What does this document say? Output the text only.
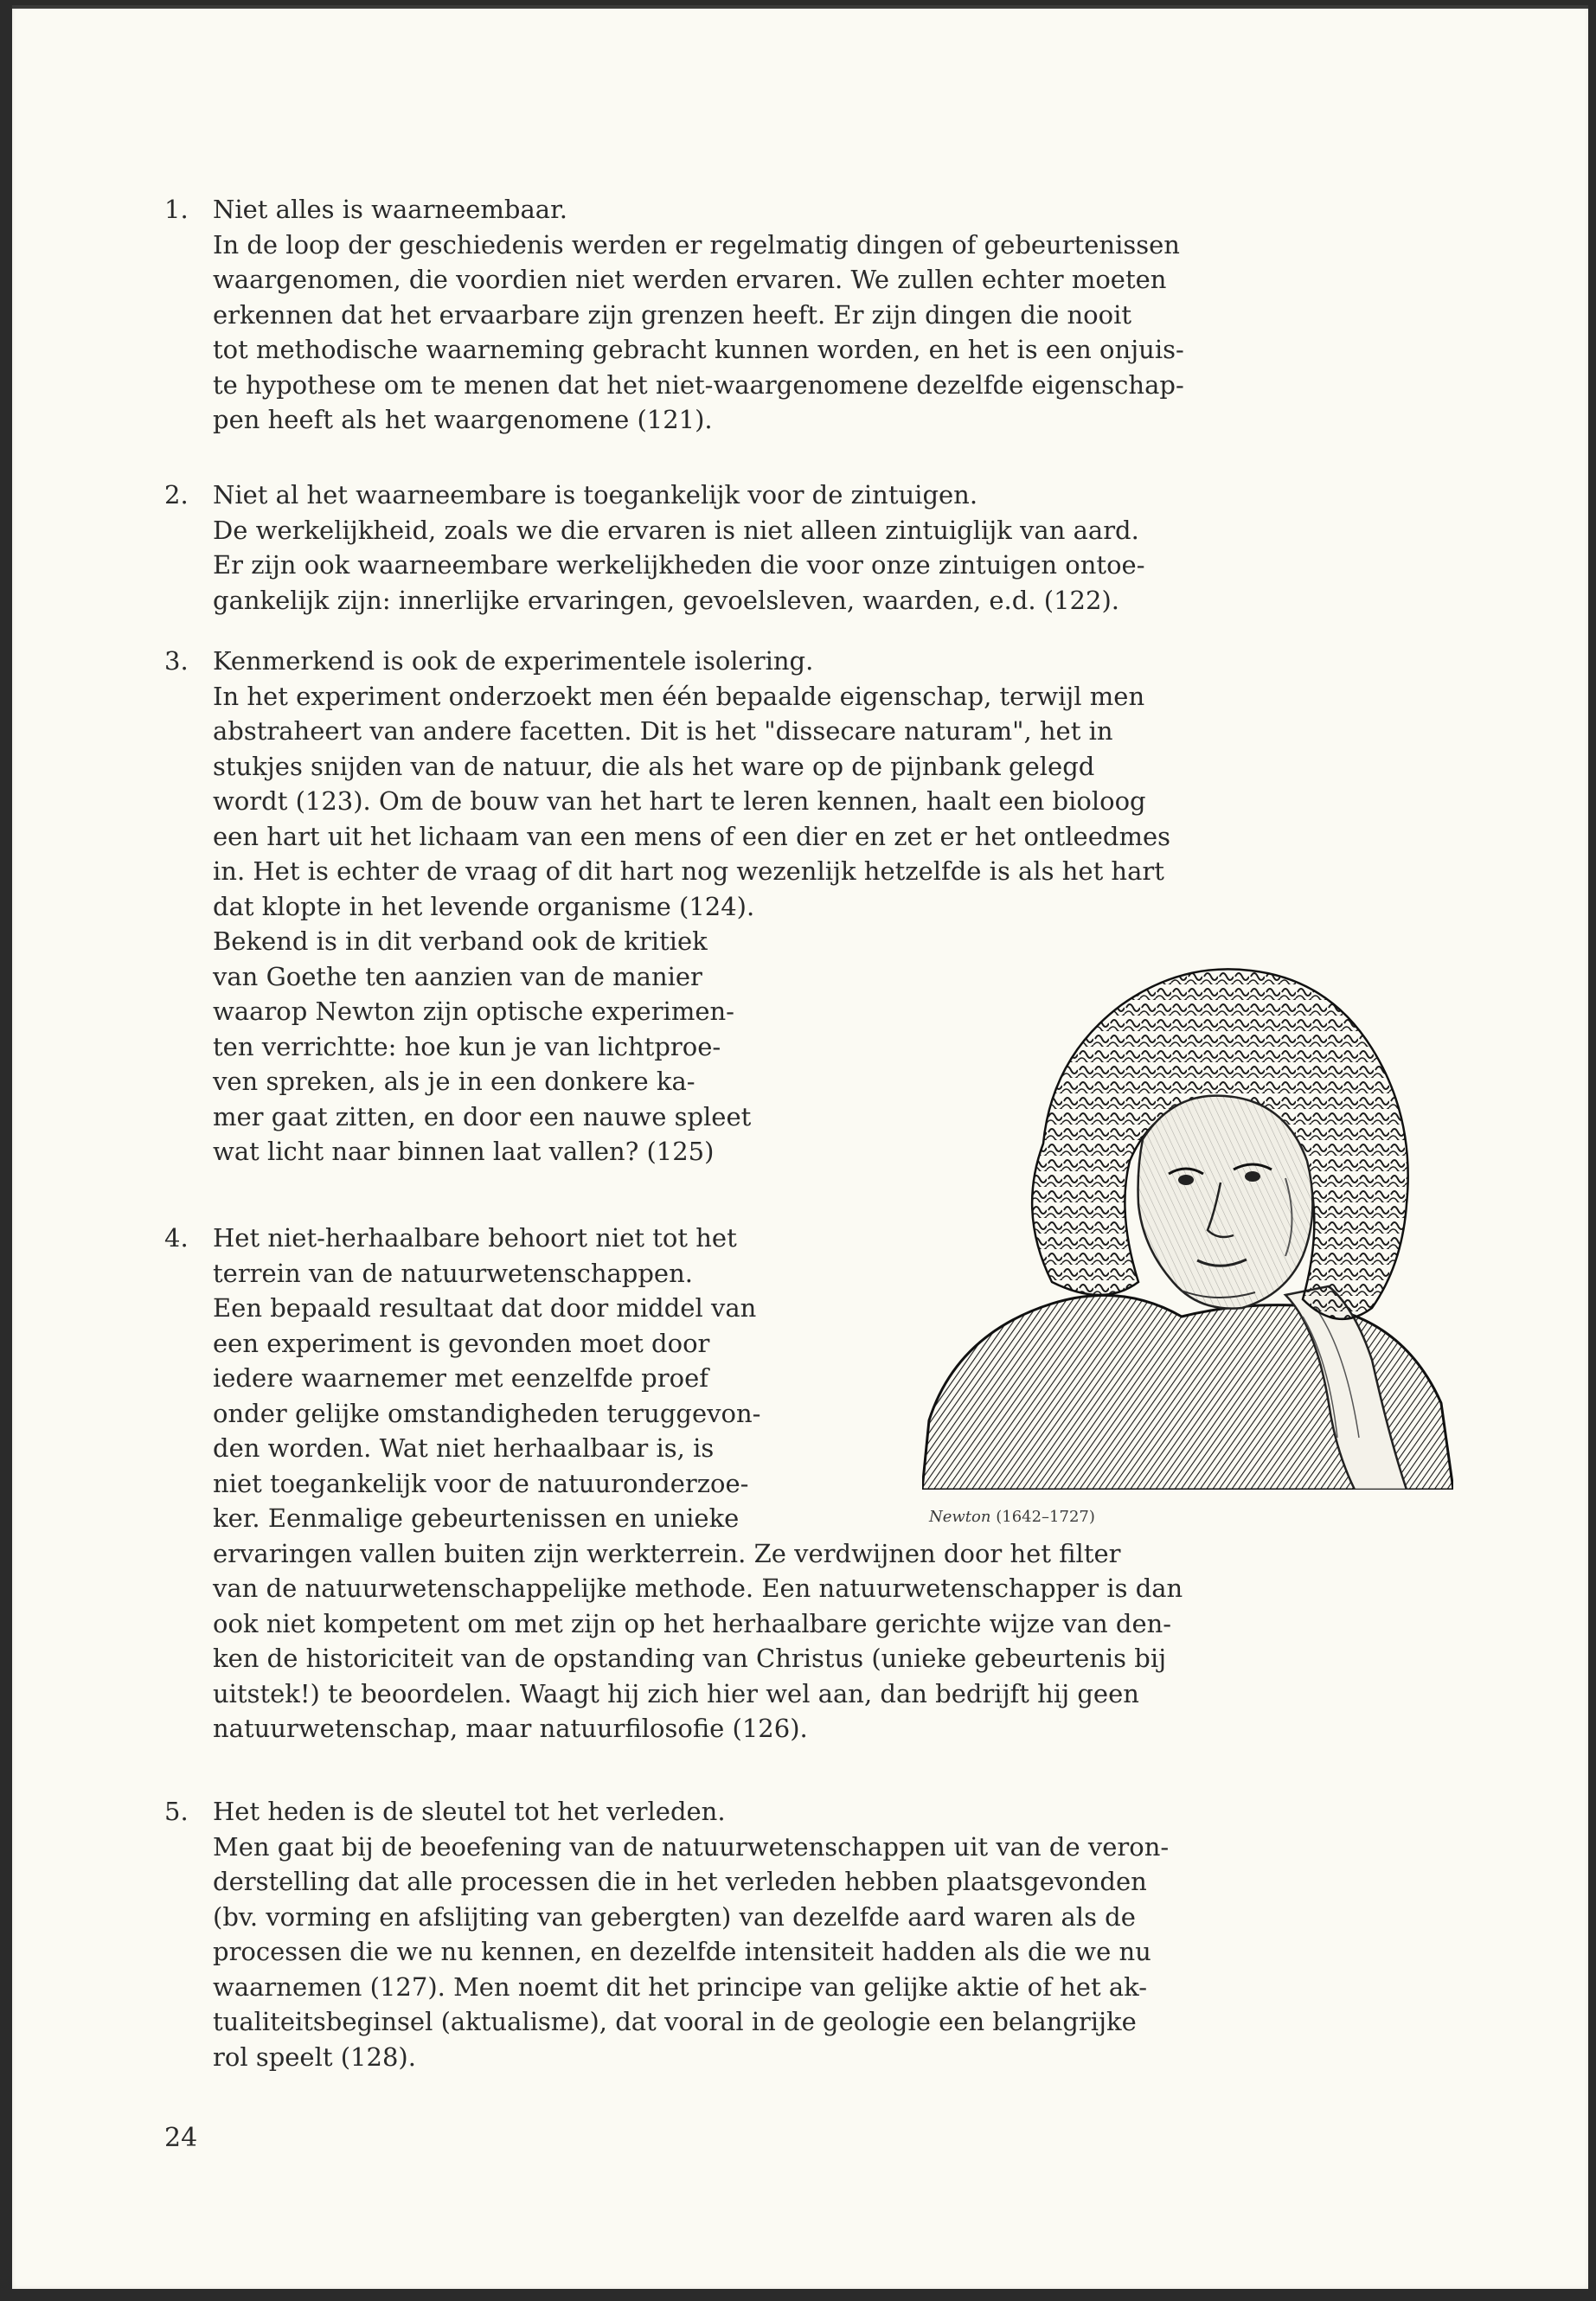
Newton (1642–1727)
24
1. Niet alles is waarneembaar.
In de loop der geschiedenis werden er regelmatig dingen of gebeurtenissen
waargenomen, die voordien niet werden ervaren. We zullen echter moeten
erkennen dat het ervaarbare zijn grenzen heeft. Er zijn dingen die nooit
tot methodische waarneming gebracht kunnen worden, en het is een onjuis-
te hypothese om te menen dat het niet-waargenomene dezelfde eigenschap-
pen heeft als het waargenomene (121).
2. Niet al het waarneembare is toegankelijk voor de zintuigen.
De werkelijkheid, zoals we die ervaren is niet alleen zintuiglijk van aard.
Er zijn ook waarneembare werkelijkheden die voor onze zintuigen ontoe-
gankelijk zijn: innerlijke ervaringen, gevoelsleven, waarden, e.d. (122).
3. Kenmerkend is ook de experimentele isolering.
In het experiment onderzoekt men één bepaalde eigenschap, terwijl men
abstraheert van andere facetten. Dit is het "dissecare naturam", het in
stukjes snijden van de natuur, die als het ware op de pijnbank gelegd
wordt (123). Om de bouw van het hart te leren kennen, haalt een bioloog
een hart uit het lichaam van een mens of een dier en zet er het ontleedmes
in. Het is echter de vraag of dit hart nog wezenlijk hetzelfde is als het hart
dat klopte in het levende organisme (124).
Bekend is in dit verband ook de kritiek
van Goethe ten aanzien van de manier
waarop Newton zijn optische experimen-
ten verrichtte: hoe kun je van lichtproe-
ven spreken, als je in een donkere ka-
mer gaat zitten, en door een nauwe spleet
wat licht naar binnen laat vallen? (125)
4. Het niet-herhaalbare behoort niet tot het
terrein van de natuurwetenschappen.
Een bepaald resultaat dat door middel van
een experiment is gevonden moet door
iedere waarnemer met eenzelfde proef
onder gelijke omstandigheden teruggevon-
den worden. Wat niet herhaalbaar is, is
niet toegankelijk voor de natuuronderzoe-
ker. Eenmalige gebeurtenissen en unieke
ervaringen vallen buiten zijn werkterrein. Ze verdwijnen door het filter
van de natuurwetenschappelijke methode. Een natuurwetenschapper is dan
ook niet kompetent om met zijn op het herhaalbare gerichte wijze van den-
ken de historiciteit van de opstanding van Christus (unieke gebeurtenis bij
uitstek!) te beoordelen. Waagt hij zich hier wel aan, dan bedrijft hij geen
natuurwetenschap, maar natuurfilosofie (126).
5. Het heden is de sleutel tot het verleden.
Men gaat bij de beoefening van de natuurwetenschappen uit van de veron-
derstelling dat alle processen die in het verleden hebben plaatsgevonden
(bv. vorming en afslijting van gebergten) van dezelfde aard waren als de
processen die we nu kennen, en dezelfde intensiteit hadden als die we nu
waarnemen (127). Men noemt dit het principe van gelijke aktie of het ak-
tualiteitsbeginsel (aktualisme), dat vooral in de geologie een belangrijke
rol speelt (128).
